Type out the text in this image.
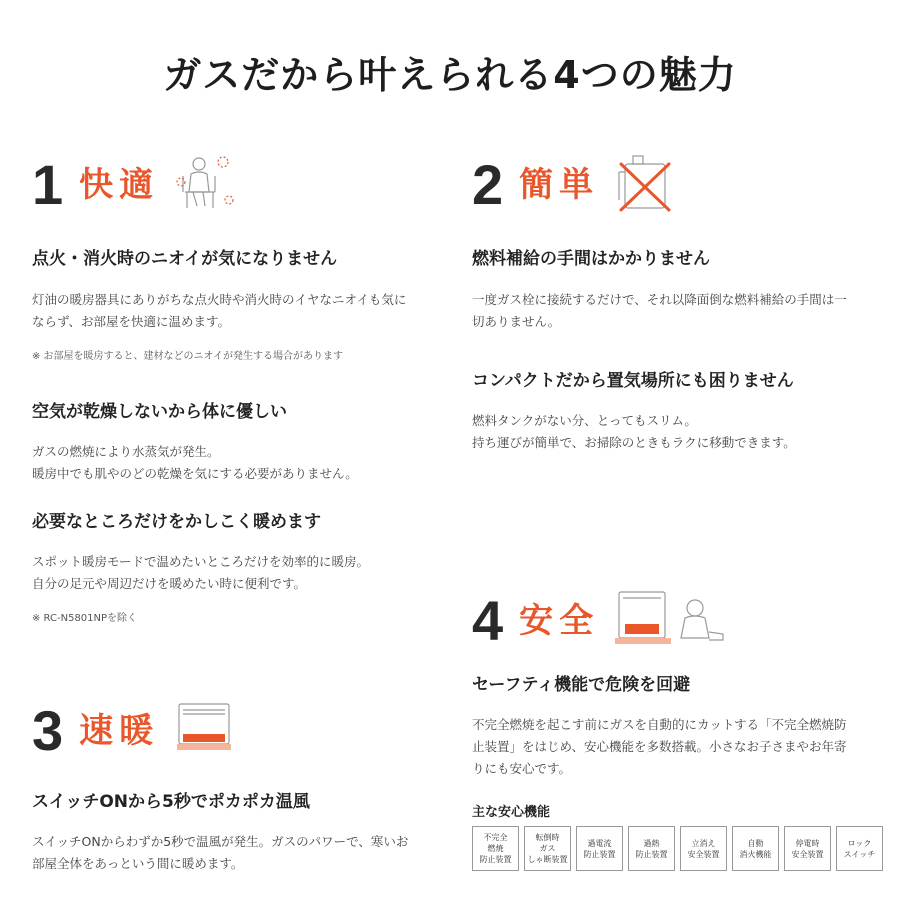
ガスだから叶えられる4つの魅力
1 快適
点火・消火時のニオイが気になりません
灯油の暖房器具にありがちな点火時や消火時のイヤなニオイも気に
ならず、お部屋を快適に温めます。
※ お部屋を暖房すると、建材などのニオイが発生する場合があります
空気が乾燥しないから体に優しい
ガスの燃焼により水蒸気が発生。
暖房中でも肌やのどの乾燥を気にする必要がありません。
必要なところだけをかしこく暖めます
スポット暖房モードで温めたいところだけを効率的に暖房。
自分の足元や周辺だけを暖めたい時に便利です。
※ RC-N5801NPを除く
2 簡単
燃料補給の手間はかかりません
一度ガス栓に接続するだけで、それ以降面倒な燃料補給の手間は一
切ありません。
コンパクトだから置気場所にも困りません
燃料タンクがない分、とってもスリム。
持ち運びが簡単で、お掃除のときもラクに移動できます。
3 速暖
スイッチONから5秒でポカポカ温風
スイッチONからわずか5秒で温風が発生。ガスのパワーで、寒いお
部屋全体をあっという間に暖めます。
4 安全
セーフティ機能で危険を回避
不完全燃焼を起こす前にガスを自動的にカットする「不完全燃焼防
止装置」をはじめ、安心機能を多数搭載。小さなお子さまやお年寄
りにも安心です。
主な安心機能
不完全
燃焼
防止装置
転倒時
ガス
しゃ断装置
過電流
防止装置
過熱
防止装置
立消え
安全装置
自動
消火機能
停電時
安全装置
ロック
スイッチ
